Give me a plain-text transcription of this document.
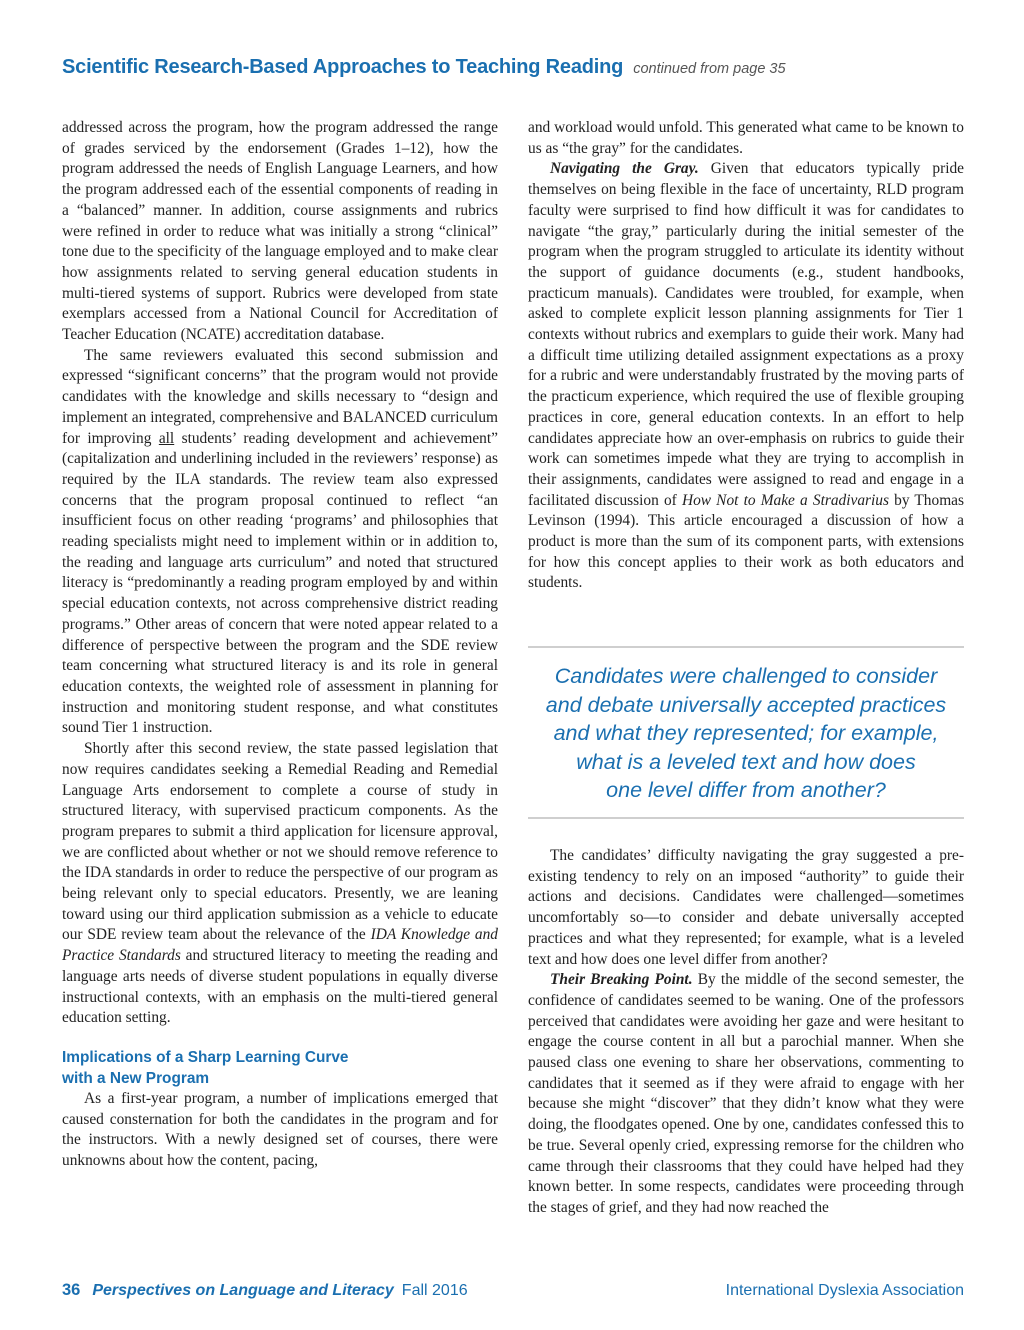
Scientific Research-Based Approaches to Teaching Reading continued from page 35

addressed across the program, how the program addressed the range of grades serviced by the endorsement (Grades 1–12), how the program addressed the needs of English Language Learners, and how the program addressed each of the essential components of reading in a “balanced” manner. In addition, course assignments and rubrics were refined in order to reduce what was initially a strong “clinical” tone due to the specificity of the language employed and to make clear how assignments related to serving general education students in multi-tiered systems of support. Rubrics were developed from state exemplars accessed from a National Council for Accreditation of Teacher Education (NCATE) accreditation database.

The same reviewers evaluated this second submission and expressed “significant concerns” that the program would not provide candidates with the knowledge and skills necessary to “design and implement an integrated, comprehensive and BALANCED curriculum for improving all students’ reading development and achievement” (capitalization and underlining included in the reviewers’ response) as required by the ILA standards. The review team also expressed concerns that the program proposal continued to reflect “an insufficient focus on other reading ‘programs’ and philosophies that reading specialists might need to implement within or in addition to, the reading and language arts curriculum” and noted that structured literacy is “predominantly a reading program employed by and within special education contexts, not across comprehensive district reading programs.” Other areas of concern that were noted appear related to a difference of perspective between the program and the SDE review team concerning what structured literacy is and its role in general education contexts, the weighted role of assessment in planning for instruction and monitoring student response, and what constitutes sound Tier 1 instruction.

Shortly after this second review, the state passed legislation that now requires candidates seeking a Remedial Reading and Remedial Language Arts endorsement to complete a course of study in structured literacy, with supervised practicum components. As the program prepares to submit a third application for licensure approval, we are conflicted about whether or not we should remove reference to the IDA standards in order to reduce the perspective of our program as being relevant only to special educators. Presently, we are leaning toward using our third application submission as a vehicle to educate our SDE review team about the relevance of the IDA Knowledge and Practice Standards and structured literacy to meeting the reading and language arts needs of diverse student populations in equally diverse instructional contexts, with an emphasis on the multi-tiered general education setting.

Implications of a Sharp Learning Curve
with a New Program

As a first-year program, a number of implications emerged that caused consternation for both the candidates in the program and for the instructors. With a newly designed set of courses, there were unknowns about how the content, pacing,

and workload would unfold. This generated what came to be known to us as “the gray” for the candidates.

Navigating the Gray. Given that educators typically pride themselves on being flexible in the face of uncertainty, RLD program faculty were surprised to find how difficult it was for candidates to navigate “the gray,” particularly during the initial semester of the program when the program struggled to articulate its identity without the support of guidance documents (e.g., student handbooks, practicum manuals). Candidates were troubled, for example, when asked to complete explicit lesson planning assignments for Tier 1 contexts without rubrics and exemplars to guide their work. Many had a difficult time utilizing detailed assignment expectations as a proxy for a rubric and were understandably frustrated by the moving parts of the practicum experience, which required the use of flexible grouping practices in core, general education contexts. In an effort to help candidates appreciate how an over-emphasis on rubrics to guide their work can sometimes impede what they are trying to accomplish in their assignments, candidates were assigned to read and engage in a facilitated discussion of How Not to Make a Stradivarius by Thomas Levinson (1994). This article encouraged a discussion of how a product is more than the sum of its component parts, with extensions for how this concept applies to their work as both educators and students.

Candidates were challenged to consider
and debate universally accepted practices
and what they represented; for example,
what is a leveled text and how does
one level differ from another?

The candidates’ difficulty navigating the gray suggested a pre-existing tendency to rely on an imposed “authority” to guide their actions and decisions. Candidates were challenged—sometimes uncomfortably so—to consider and debate universally accepted practices and what they represented; for example, what is a leveled text and how does one level differ from another?

Their Breaking Point. By the middle of the second semester, the confidence of candidates seemed to be waning. One of the professors perceived that candidates were avoiding her gaze and were hesitant to engage the course content in all but a parochial manner. When she paused class one evening to share her observations, commenting to candidates that it seemed as if they were afraid to engage with her because she might “discover” that they didn’t know what they were doing, the floodgates opened. One by one, candidates confessed this to be true. Several openly cried, expressing remorse for the children who came through their classrooms that they could have helped had they known better. In some respects, candidates were proceeding through the stages of grief, and they had now reached the

36 Perspectives on Language and Literacy Fall 2016	International Dyslexia Association
